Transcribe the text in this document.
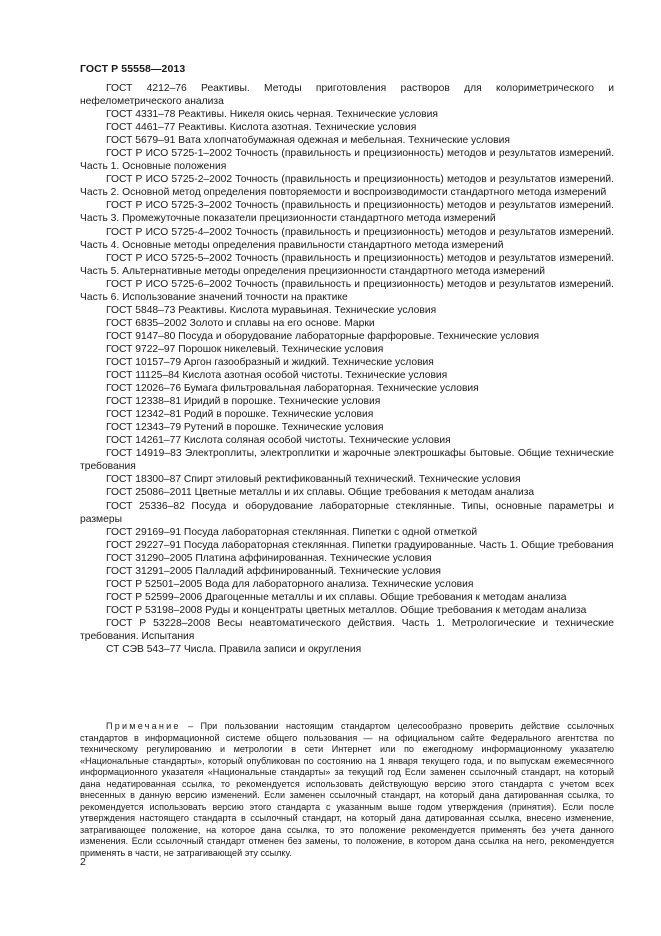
ГОСТ Р 55558—2013
ГОСТ 4212–76 Реактивы. Методы приготовления растворов для колориметрического и нефелометрического анализа
ГОСТ 4331–78 Реактивы. Никеля окись черная. Технические условия
ГОСТ 4461–77 Реактивы. Кислота азотная. Технические условия
ГОСТ 5679–91 Вата хлопчатобумажная одежная и мебельная. Технические условия
ГОСТ Р ИСО 5725-1–2002 Точность (правильность и прецизионность) методов и результатов измерений. Часть 1. Основные положения
ГОСТ Р ИСО 5725-2–2002 Точность (правильность и прецизионность) методов и результатов измерений. Часть 2. Основной метод определения повторяемости и воспроизводимости стандартного метода измерений
ГОСТ Р ИСО 5725-3–2002 Точность (правильность и прецизионность) методов и результатов измерений. Часть 3. Промежуточные показатели прецизионности стандартного метода измерений
ГОСТ Р ИСО 5725-4–2002 Точность (правильность и прецизионность) методов и результатов измерений. Часть 4. Основные методы определения правильности стандартного метода измерений
ГОСТ Р ИСО 5725-5–2002 Точность (правильность и прецизионность) методов и результатов измерений. Часть 5. Альтернативные методы определения прецизионности стандартного метода измерений
ГОСТ Р ИСО 5725-6–2002 Точность (правильность и прецизионность) методов и результатов измерений. Часть 6. Использование значений точности на практике
ГОСТ 5848–73 Реактивы. Кислота муравьиная. Технические условия
ГОСТ 6835–2002 Золото и сплавы на его основе. Марки
ГОСТ 9147–80 Посуда и оборудование лабораторные фарфоровые. Технические условия
ГОСТ 9722–97 Порошок никелевый. Технические условия
ГОСТ 10157–79 Аргон газообразный и жидкий. Технические условия
ГОСТ 11125–84 Кислота азотная особой чистоты. Технические условия
ГОСТ 12026–76 Бумага фильтровальная лабораторная. Технические условия
ГОСТ 12338–81 Иридий в порошке. Технические условия
ГОСТ 12342–81 Родий в порошке. Технические условия
ГОСТ 12343–79 Рутений в порошке. Технические условия
ГОСТ 14261–77 Кислота соляная особой чистоты. Технические условия
ГОСТ 14919–83 Электроплиты, электроплитки и жарочные электрошкафы бытовые. Общие технические требования
ГОСТ 18300–87 Спирт этиловый ректификованный технический. Технические условия
ГОСТ 25086–2011 Цветные металлы и их сплавы. Общие требования к методам анализа
ГОСТ 25336–82 Посуда и оборудование лабораторные стеклянные. Типы, основные параметры и размеры
ГОСТ 29169–91 Посуда лабораторная стеклянная. Пипетки с одной отметкой
ГОСТ 29227–91 Посуда лабораторная стеклянная. Пипетки градуированные. Часть 1. Общие требования
ГОСТ 31290–2005 Платина аффинированная. Технические условия
ГОСТ 31291–2005 Палладий аффинированный. Технические условия
ГОСТ Р 52501–2005 Вода для лабораторного анализа. Технические условия
ГОСТ Р 52599–2006 Драгоценные металлы и их сплавы. Общие требования к методам анализа
ГОСТ Р 53198–2008 Руды и концентраты цветных металлов. Общие требования к методам анализа
ГОСТ Р 53228–2008 Весы неавтоматического действия. Часть 1. Метрологические и технические требования. Испытания
СТ СЭВ 543–77 Числа. Правила записи и округления
Примечание – При пользовании настоящим стандартом целесообразно проверить действие ссылочных стандартов в информационной системе общего пользования — на официальном сайте Федерального агентства по техническому регулированию и метрологии в сети Интернет или по ежегодному информационному указателю «Национальные стандарты», который опубликован по состоянию на 1 января текущего года, и по выпускам ежемесячного информационного указателя «Национальные стандарты» за текущий год Если заменен ссылочный стандарт, на который дана недатированная ссылка, то рекомендуется использовать действующую версию этого стандарта с учетом всех внесенных в данную версию изменений. Если заменен ссылочный стандарт, на который дана датированная ссылка, то рекомендуется использовать версию этого стандарта с указанным выше годом утверждения (принятия). Если после утверждения настоящего стандарта в ссылочный стандарт, на который дана датированная ссылка, внесено изменение, затрагивающее положение, на которое дана ссылка, то это положение рекомендуется применять без учета данного изменения. Если ссылочный стандарт отменен без замены, то положение, в котором дана ссылка на него, рекомендуется применять в части, не затрагивающей эту ссылку.
2
